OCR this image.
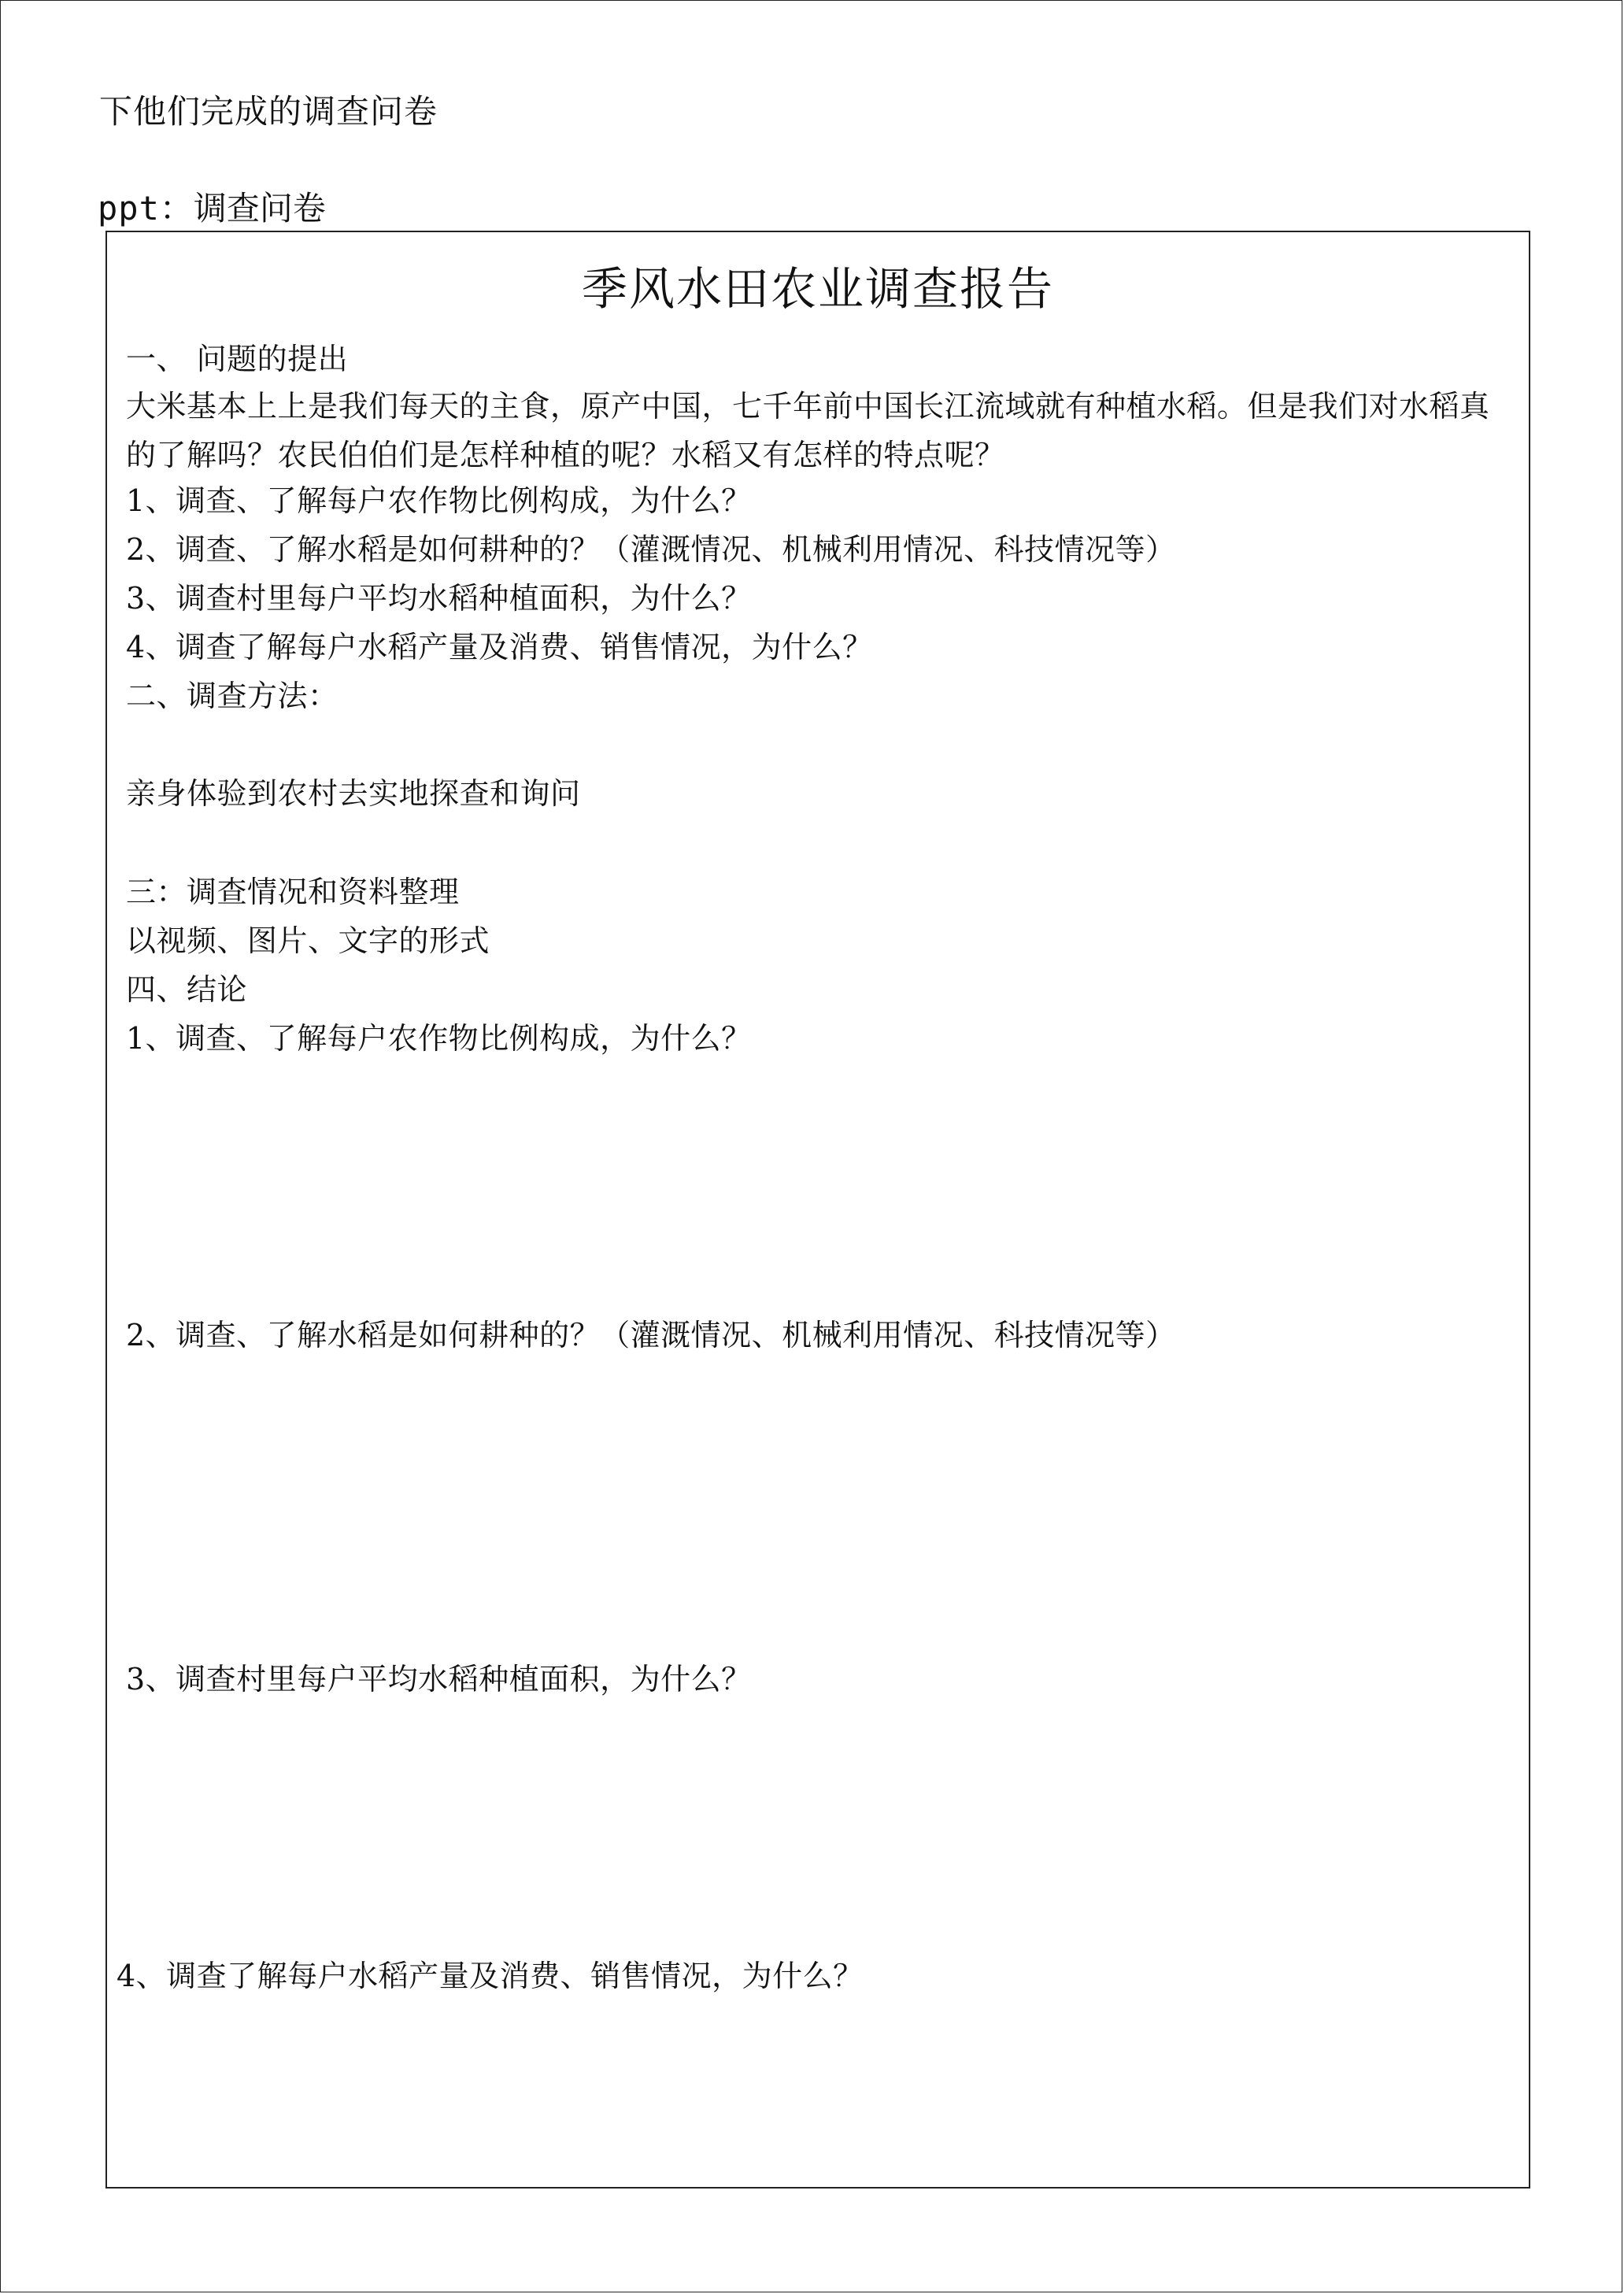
下他们完成的调查问卷
ppt：调查问卷
季风水田农业调查报告
一、 问题的提出
大米基本上上是我们每天的主食，原产中国，七千年前中国长江流域就有种植水稻。但是我们对水稻真的了解吗？农民伯伯们是怎样种植的呢？水稻又有怎样的特点呢？
1、调查、了解每户农作物比例构成，为什么？
2、调查、了解水稻是如何耕种的？（灌溉情况、机械利用情况、科技情况等）
3、调查村里每户平均水稻种植面积，为什么？
4、调查了解每户水稻产量及消费、销售情况，为什么？
二、调查方法：
亲身体验到农村去实地探查和询问
三：调查情况和资料整理
以视频、图片、文字的形式
四、结论
1、调查、了解每户农作物比例构成，为什么？
2、调查、了解水稻是如何耕种的？（灌溉情况、机械利用情况、科技情况等）
3、调查村里每户平均水稻种植面积，为什么？
4、调查了解每户水稻产量及消费、销售情况，为什么？
